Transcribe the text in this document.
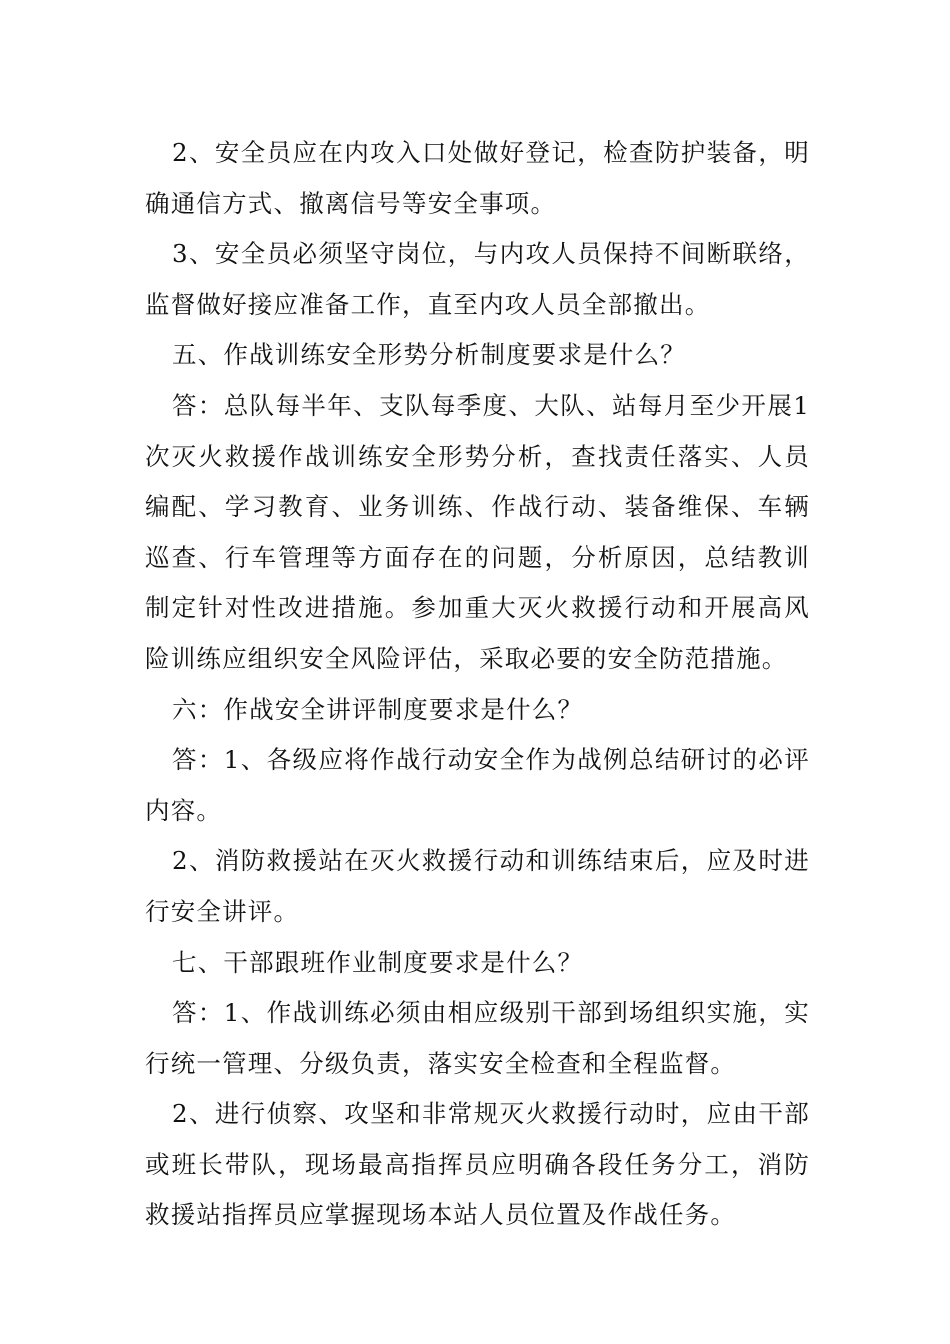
2、安全员应在内攻入口处做好登记，检查防护装备，明确通信方式、撤离信号等安全事项。

3、安全员必须坚守岗位，与内攻人员保持不间断联络，监督做好接应准备工作，直至内攻人员全部撤出。

五、作战训练安全形势分析制度要求是什么？

答：总队每半年、支队每季度、大队、站每月至少开展1次灭火救援作战训练安全形势分析，查找责任落实、人员编配、学习教育、业务训练、作战行动、装备维保、车辆巡查、行车管理等方面存在的问题，分析原因，总结教训制定针对性改进措施。参加重大灭火救援行动和开展高风险训练应组织安全风险评估，采取必要的安全防范措施。

六：作战安全讲评制度要求是什么？

答：1、各级应将作战行动安全作为战例总结研讨的必评内容。

2、消防救援站在灭火救援行动和训练结束后，应及时进行安全讲评。

七、干部跟班作业制度要求是什么？

答：1、作战训练必须由相应级别干部到场组织实施，实行统一管理、分级负责，落实安全检查和全程监督。

2、进行侦察、攻坚和非常规灭火救援行动时，应由干部或班长带队，现场最高指挥员应明确各段任务分工，消防救援站指挥员应掌握现场本站人员位置及作战任务。
